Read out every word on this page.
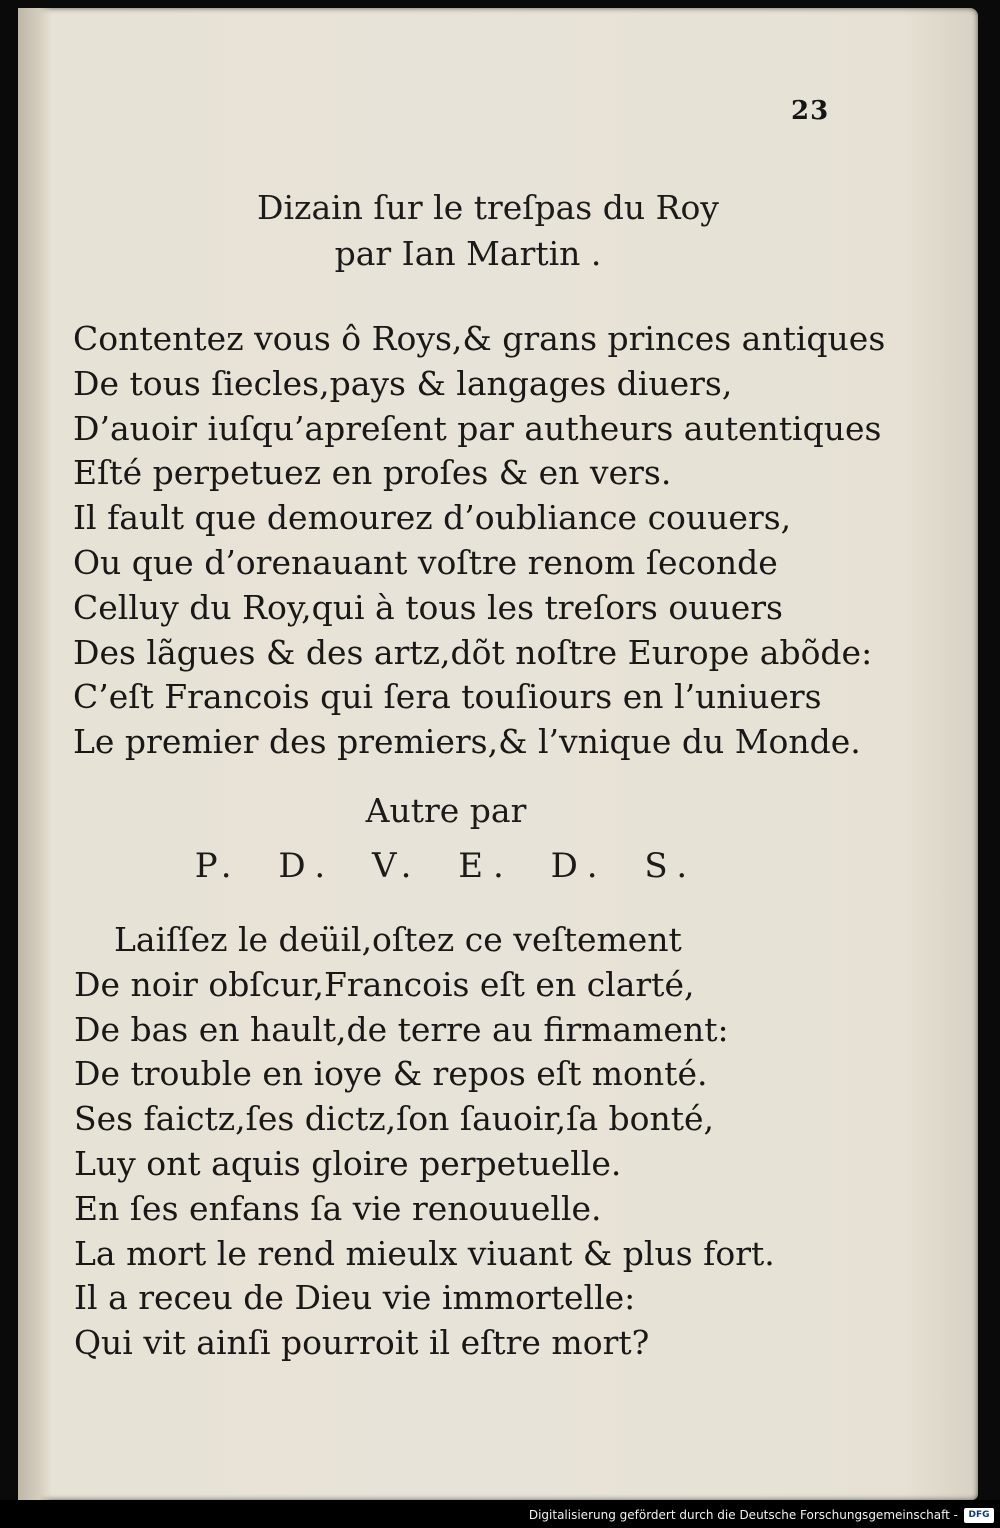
23
Dizain ſur le treſpas du Roy
par Ian Martin .
Contentez vous ô Roys,& grans princes antiques
De tous ſiecles,pays & langages diuers,
D’auoir iuſqu’apreſent par autheurs autentiques
Eſté perpetuez en proſes & en vers.
Il fault que demourez d’oubliance couuers,
Ou que d’orenauant voſtre renom ſeconde
Celluy du Roy,qui à tous les treſors ouuers
Des lãgues & des artz,dõt noſtre Europe abõde:
C’eſt Francois qui ſera touſiours en l’uniuers
Le premier des premiers,& l’vnique du Monde.
Autre par
P. D. V. E. D. S.
Laiſſez le deüil,oſtez ce veſtement
De noir obſcur,Francois eſt en clarté,
De bas en hault,de terre au firmament:
De trouble en ioye & repos eſt monté.
Ses faictz,ſes dictz,ſon ſauoir,ſa bonté,
Luy ont aquis gloire perpetuelle.
En ſes enfans ſa vie renouuelle.
La mort le rend mieulx viuant & plus fort.
Il a receu de Dieu vie immortelle:
Qui vit ainſi pourroit il eſtre mort?
Digitalisierung gefördert durch die Deutsche Forschungsgemeinschaft -	DFG
